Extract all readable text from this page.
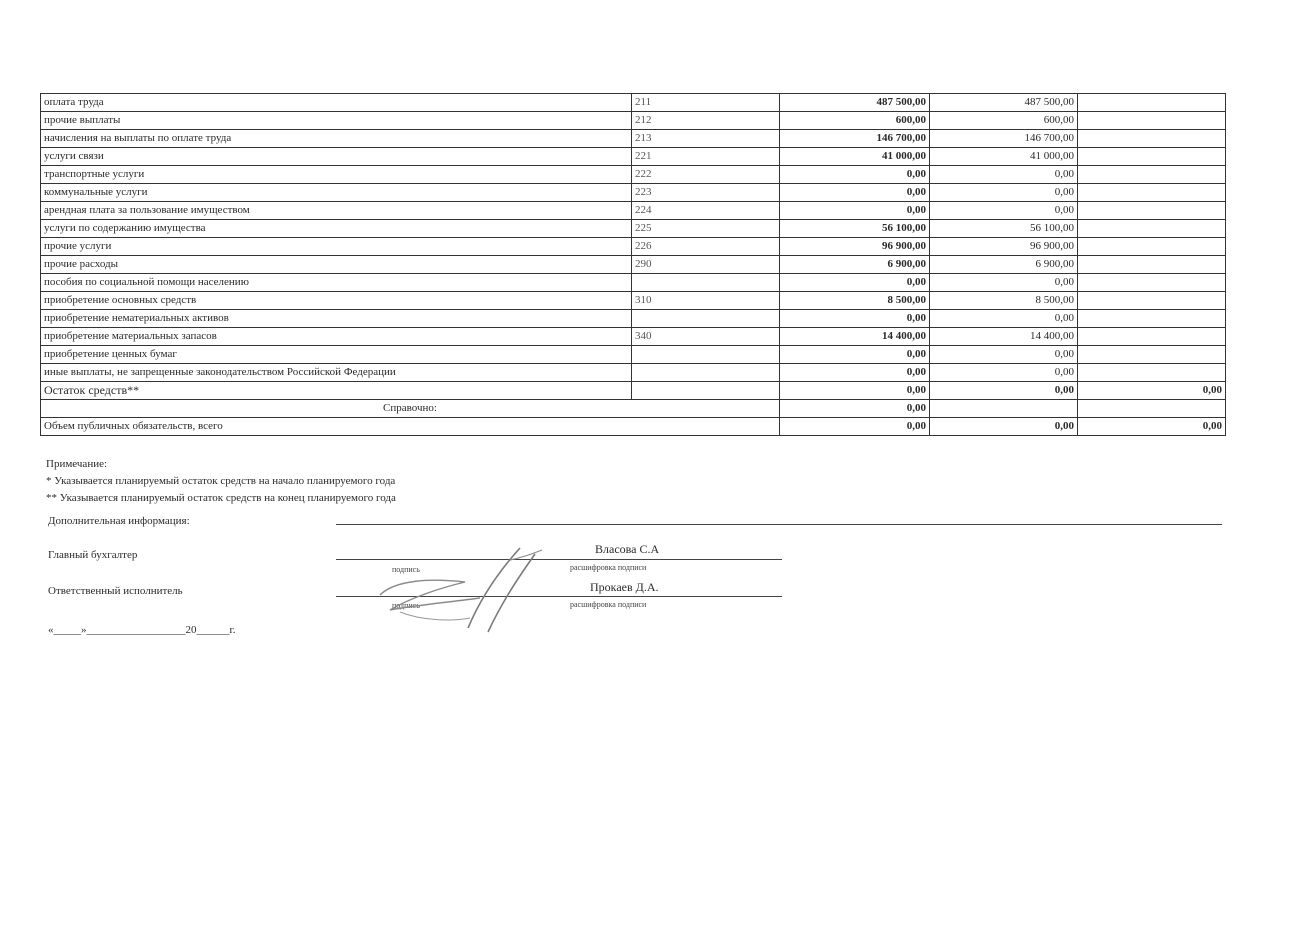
оплата труда	211	487 500,00	487 500,00	
прочие выплаты	212	600,00	600,00	
начисления на выплаты по оплате труда	213	146 700,00	146 700,00	
услуги связи	221	41 000,00	41 000,00	
транспортные услуги	222	0,00	0,00	
коммунальные услуги	223	0,00	0,00	
арендная плата за пользование имуществом	224	0,00	0,00	
услуги по содержанию имущества	225	56 100,00	56 100,00	
прочие услуги	226	96 900,00	96 900,00	
прочие расходы	290	6 900,00	6 900,00	
пособия по социальной помощи населению		0,00	0,00	
приобретение основных средств	310	8 500,00	8 500,00	
приобретение нематериальных активов		0,00	0,00	
приобретение материальных запасов	340	14 400,00	14 400,00	
приобретение ценных бумаг		0,00	0,00	
иные выплаты, не запрещенные законодательством Российской Федерации		0,00	0,00	
Остаток средств**		0,00	0,00	0,00
Справочно:		0,00		
Объем публичных обязательств, всего		0,00	0,00	0,00
Примечание:
* Указывается планируемый остаток средств на начало планируемого года
** Указывается планируемый остаток средств на конец планируемого года
Дополнительная информация:
Главный бухгалтер	Власова С.А
подпись	расшифровка подписи
Ответственный исполнитель	Прокаев Д.А.
подпись	расшифровка подписи
«_____»__________________20______г.
